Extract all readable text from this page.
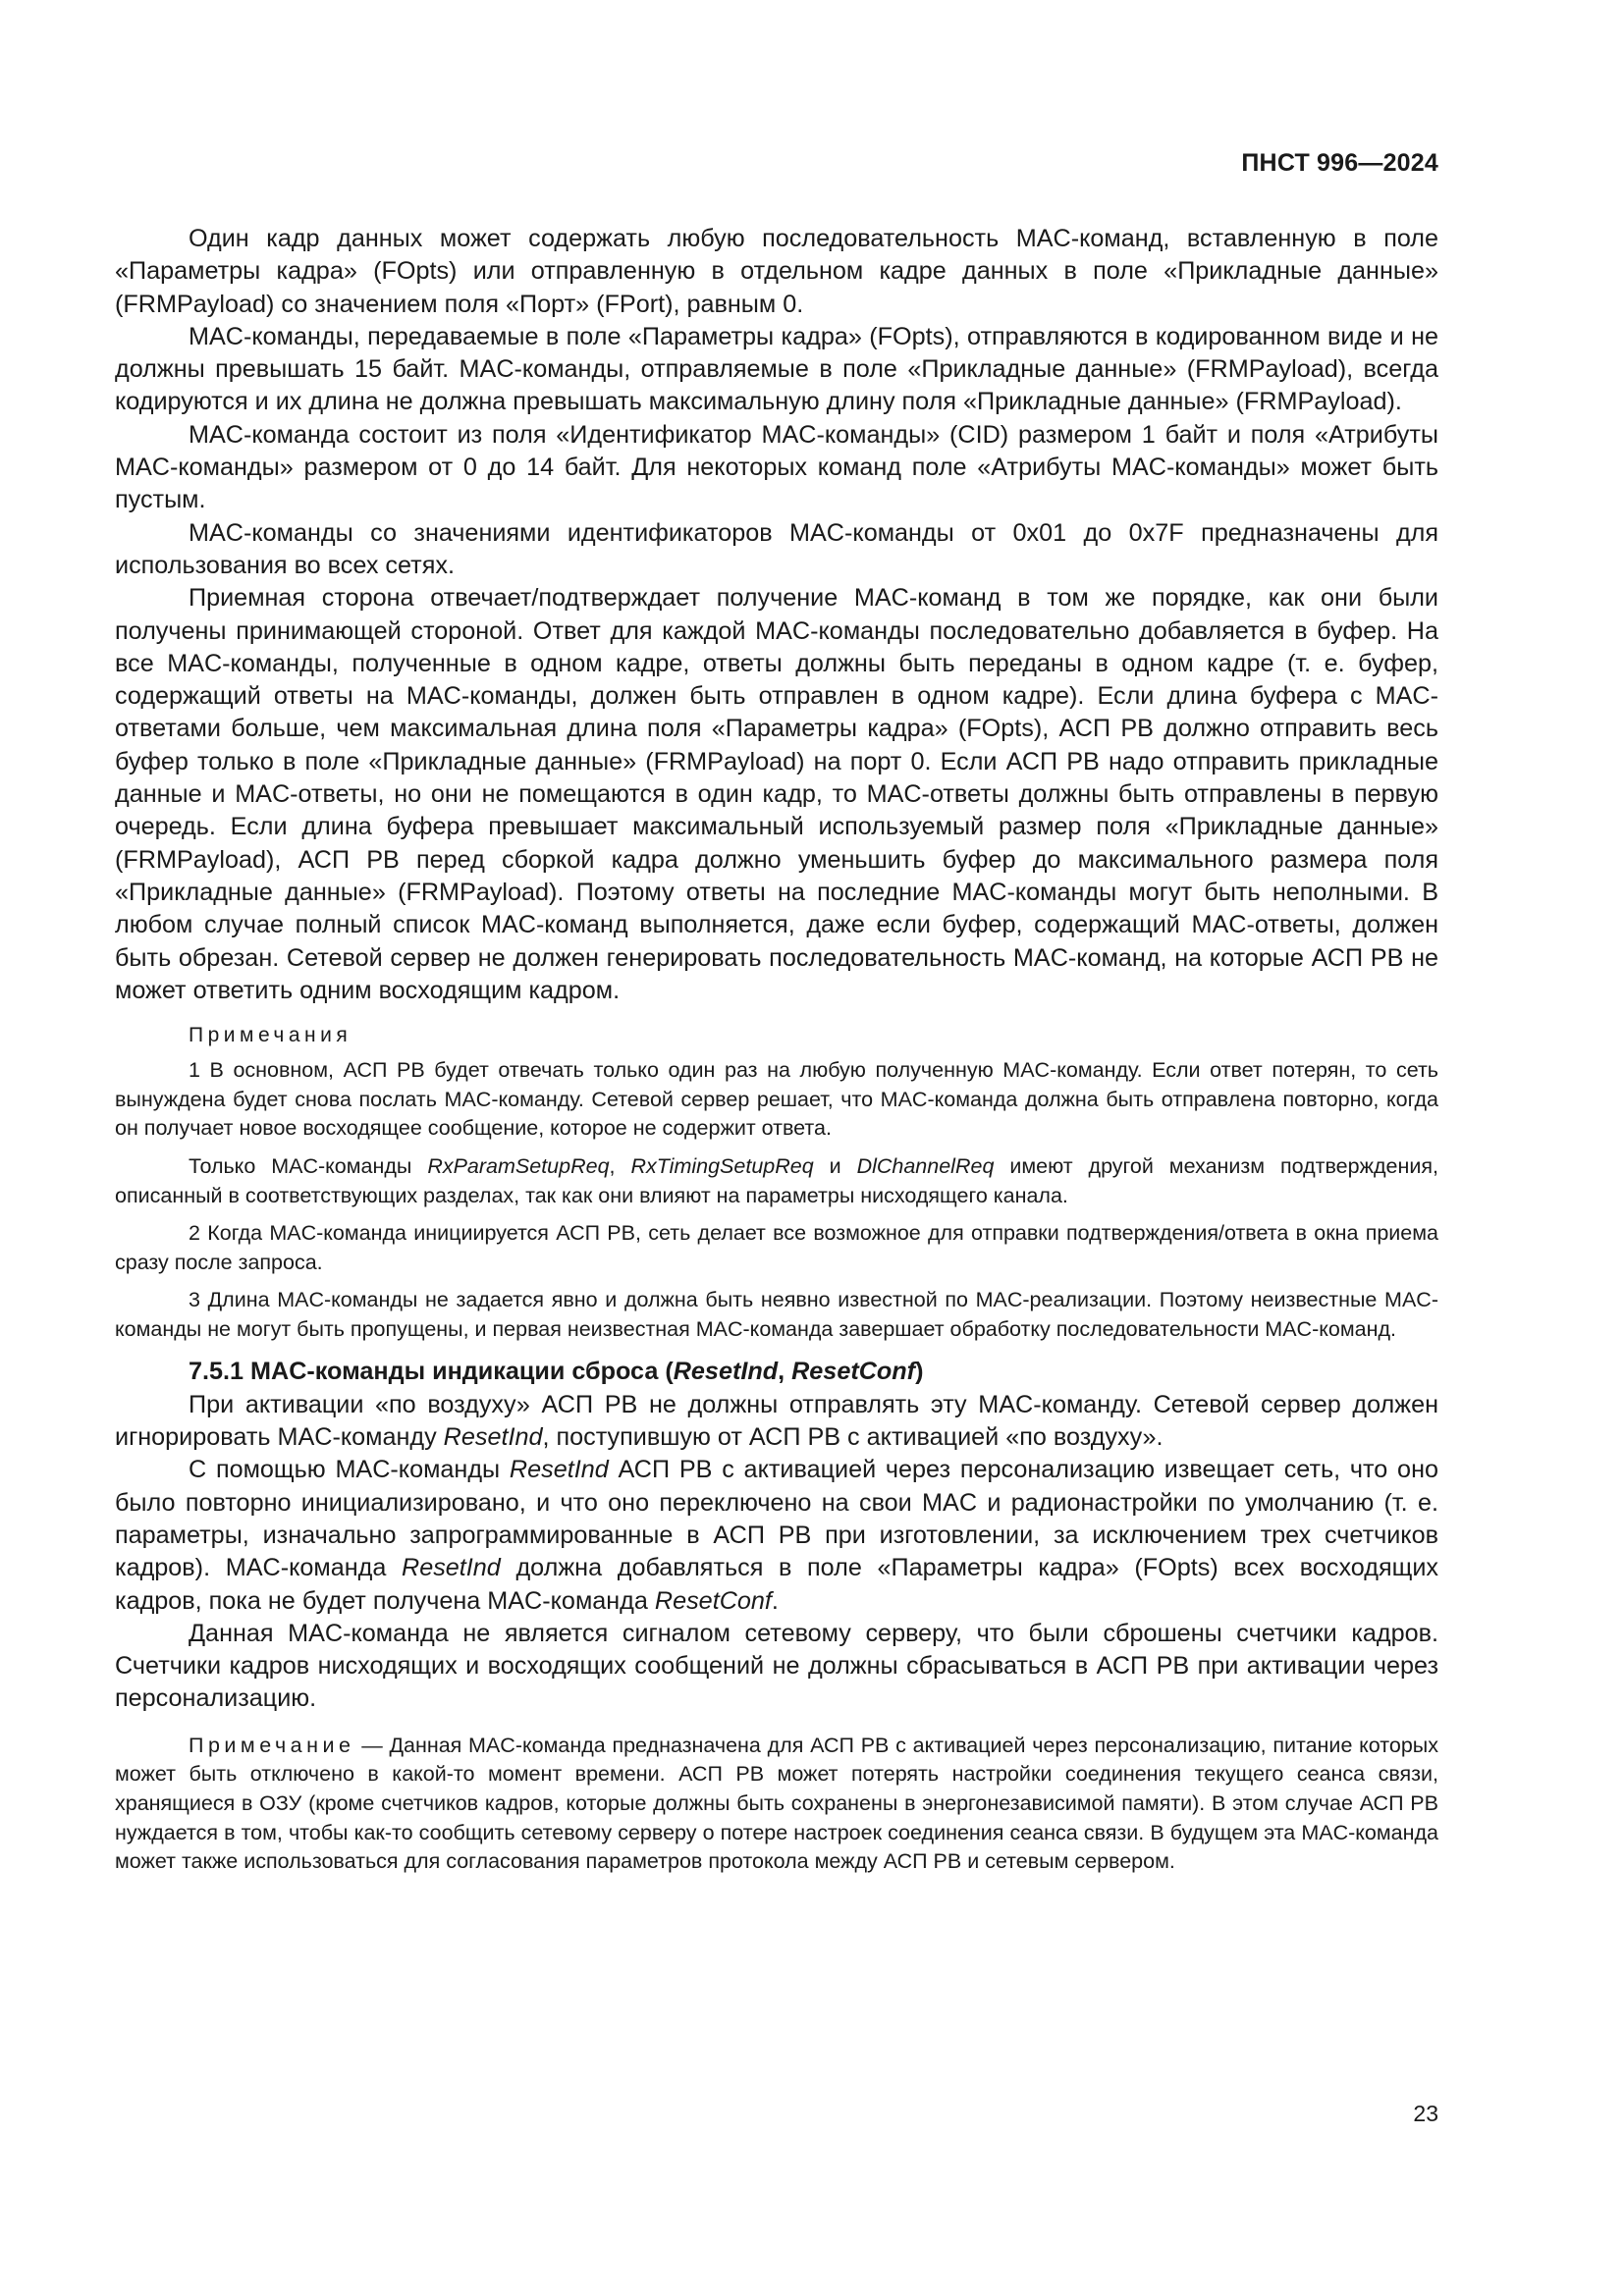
ПНСТ 996—2024

Один кадр данных может содержать любую последовательность MAC-команд, вставленную в поле «Параметры кадра» (FOpts) или отправленную в отдельном кадре данных в поле «Прикладные данные» (FRMPayload) со значением поля «Порт» (FPort), равным 0.

MAC-команды, передаваемые в поле «Параметры кадра» (FOpts), отправляются в кодированном виде и не должны превышать 15 байт. MAC-команды, отправляемые в поле «Прикладные данные» (FRMPayload), всегда кодируются и их длина не должна превышать максимальную длину поля «Прикладные данные» (FRMPayload).

MAC-команда состоит из поля «Идентификатор MAC-команды» (CID) размером 1 байт и поля «Атрибуты MAC-команды» размером от 0 до 14 байт. Для некоторых команд поле «Атрибуты MAC-команды» может быть пустым.

MAC-команды со значениями идентификаторов MAC-команды от 0x01 до 0x7F предназначены для использования во всех сетях.

Приемная сторона отвечает/подтверждает получение MAC-команд в том же порядке, как они были получены принимающей стороной. Ответ для каждой MAC-команды последовательно добавляется в буфер. На все MAC-команды, полученные в одном кадре, ответы должны быть переданы в одном кадре (т. е. буфер, содержащий ответы на MAC-команды, должен быть отправлен в одном кадре). Если длина буфера с MAC-ответами больше, чем максимальная длина поля «Параметры кадра» (FOpts), АСП РВ должно отправить весь буфер только в поле «Прикладные данные» (FRMPayload) на порт 0. Если АСП РВ надо отправить прикладные данные и MAC-ответы, но они не помещаются в один кадр, то MAC-ответы должны быть отправлены в первую очередь. Если длина буфера превышает максимальный используемый размер поля «Прикладные данные» (FRMPayload), АСП РВ перед сборкой кадра должно уменьшить буфер до максимального размера поля «Прикладные данные» (FRMPayload). Поэтому ответы на последние MAC-команды могут быть неполными. В любом случае полный список MAC-команд выполняется, даже если буфер, содержащий MAC-ответы, должен быть обрезан. Сетевой сервер не должен генерировать последовательность MAC-команд, на которые АСП РВ не может ответить одним восходящим кадром.

Примечания

1 В основном, АСП РВ будет отвечать только один раз на любую полученную MAC-команду. Если ответ потерян, то сеть вынуждена будет снова послать MAC-команду. Сетевой сервер решает, что MAC-команда должна быть отправлена повторно, когда он получает новое восходящее сообщение, которое не содержит ответа.

Только MAC-команды RxParamSetupReq, RxTimingSetupReq и DlChannelReq имеют другой механизм подтверждения, описанный в соответствующих разделах, так как они влияют на параметры нисходящего канала.

2 Когда MAC-команда инициируется АСП РВ, сеть делает все возможное для отправки подтверждения/ответа в окна приема сразу после запроса.

3 Длина MAC-команды не задается явно и должна быть неявно известной по MAC-реализации. Поэтому неизвестные MAC-команды не могут быть пропущены, и первая неизвестная MAC-команда завершает обработку последовательности MAC-команд.

7.5.1 MAC-команды индикации сброса (ResetInd, ResetConf)

При активации «по воздуху» АСП РВ не должны отправлять эту MAC-команду. Сетевой сервер должен игнорировать MAC-команду ResetInd, поступившую от АСП РВ с активацией «по воздуху».

С помощью MAC-команды ResetInd АСП РВ с активацией через персонализацию извещает сеть, что оно было повторно инициализировано, и что оно переключено на свои MAC и радионастройки по умолчанию (т. е. параметры, изначально запрограммированные в АСП РВ при изготовлении, за исключением трех счетчиков кадров). MAC-команда ResetInd должна добавляться в поле «Параметры кадра» (FOpts) всех восходящих кадров, пока не будет получена MAC-команда ResetConf.

Данная MAC-команда не является сигналом сетевому серверу, что были сброшены счетчики кадров. Счетчики кадров нисходящих и восходящих сообщений не должны сбрасываться в АСП РВ при активации через персонализацию.

Примечание — Данная MAC-команда предназначена для АСП РВ с активацией через персонализацию, питание которых может быть отключено в какой-то момент времени. АСП РВ может потерять настройки соединения текущего сеанса связи, хранящиеся в ОЗУ (кроме счетчиков кадров, которые должны быть сохранены в энергонезависимой памяти). В этом случае АСП РВ нуждается в том, чтобы как-то сообщить сетевому серверу о потере настроек соединения сеанса связи. В будущем эта MAC-команда может также использоваться для согласования параметров протокола между АСП РВ и сетевым сервером.

23
